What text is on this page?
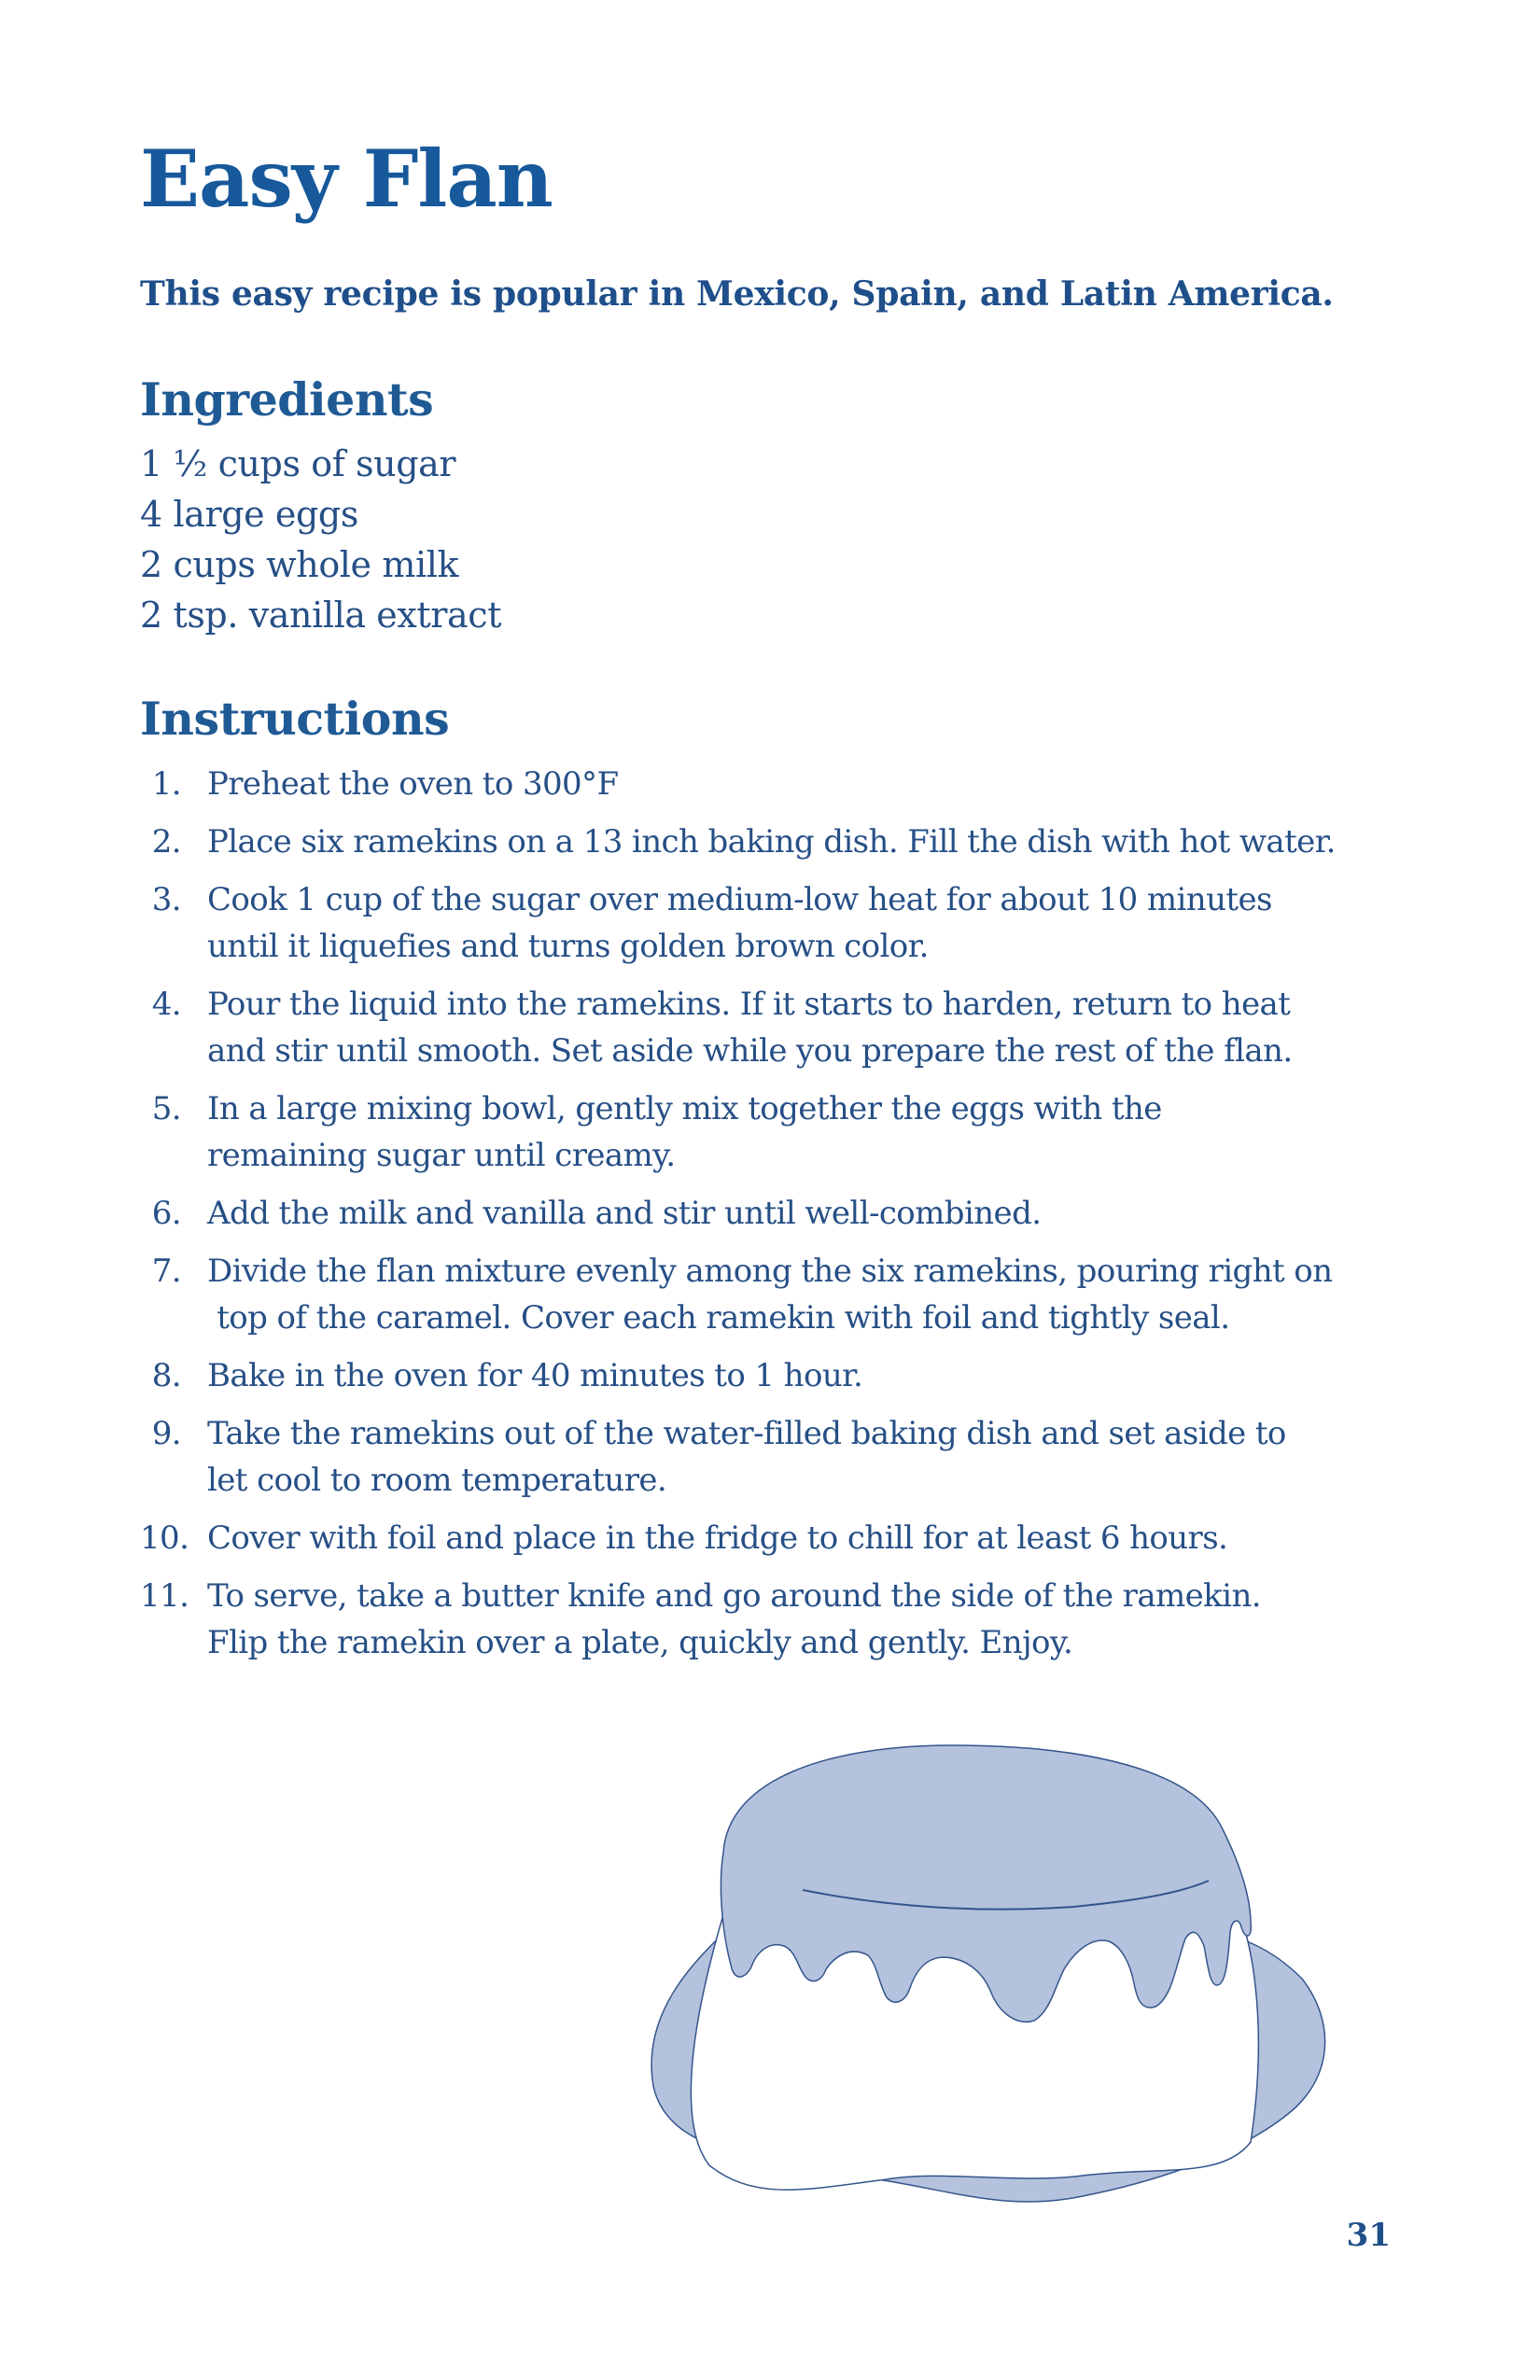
Easy Flan

This easy recipe is popular in Mexico, Spain, and Latin America.

Ingredients
1 ½ cups of sugar
4 large eggs
2 cups whole milk
2 tsp. vanilla extract
Instructions
1. Preheat the oven to 300°F
2. Place six ramekins on a 13 inch baking dish. Fill the dish with hot water.
3. Cook 1 cup of the sugar over medium-low heat for about 10 minutes
until it liquefies and turns golden brown color.
4. Pour the liquid into the ramekins. If it starts to harden, return to heat
and stir until smooth. Set aside while you prepare the rest of the flan.
5. In a large mixing bowl, gently mix together the eggs with the
remaining sugar until creamy.
6. Add the milk and vanilla and stir until well-combined.
7. Divide the flan mixture evenly among the six ramekins, pouring right on
top of the caramel. Cover each ramekin with foil and tightly seal.
8. Bake in the oven for 40 minutes to 1 hour.
9. Take the ramekins out of the water-filled baking dish and set aside to
let cool to room temperature.
10. Cover with foil and place in the fridge to chill for at least 6 hours.
11. To serve, take a butter knife and go around the side of the ramekin.
Flip the ramekin over a plate, quickly and gently. Enjoy.

31
